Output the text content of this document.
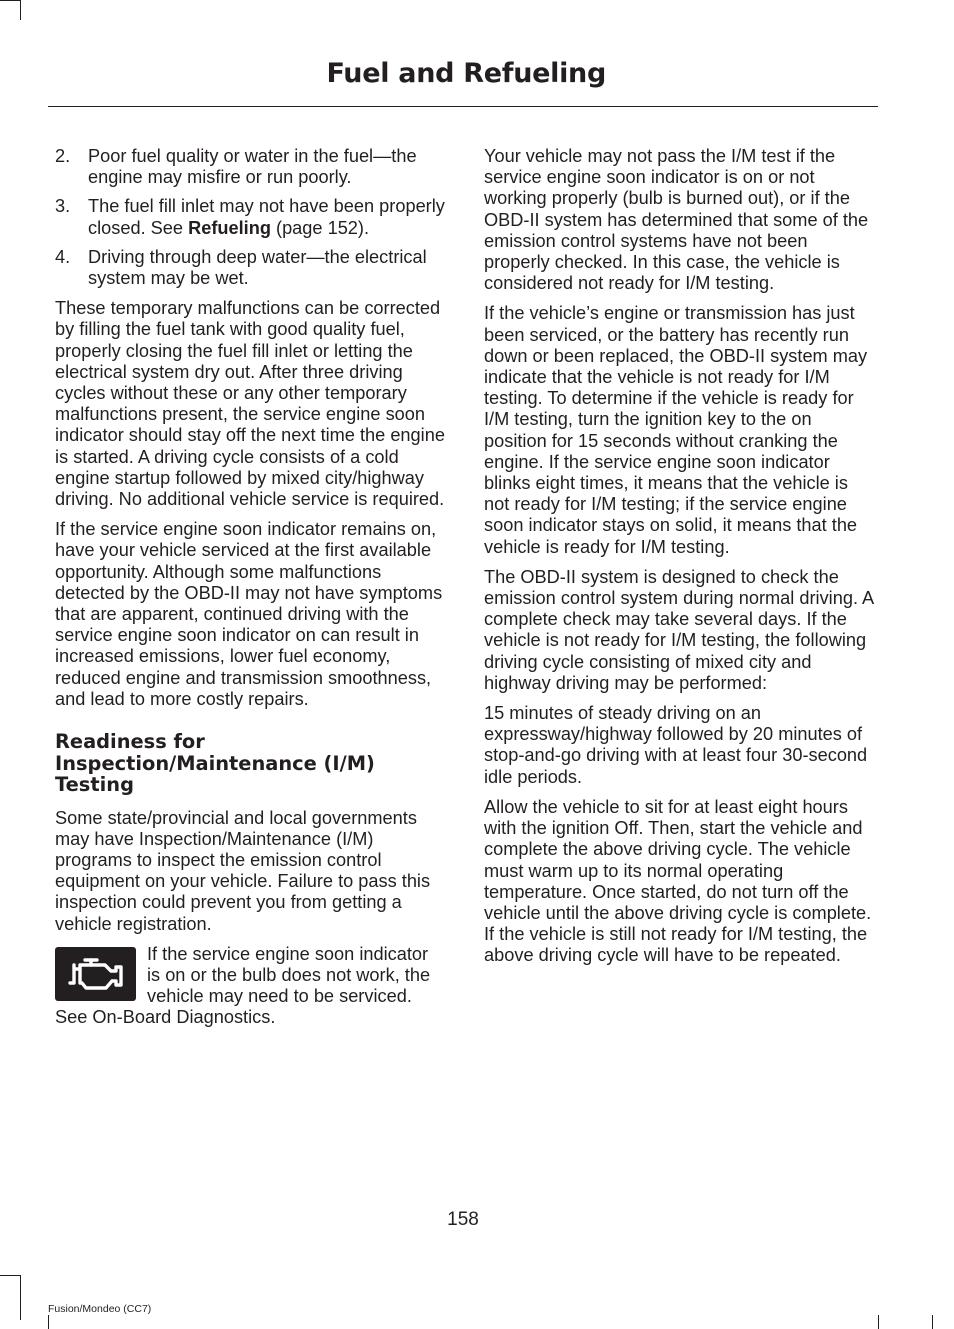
Fuel and Refueling
2. Poor fuel quality or water in the fuel—the engine may misfire or run poorly.
3. The fuel fill inlet may not have been properly closed. See Refueling (page 152).
4. Driving through deep water—the electrical system may be wet.

These temporary malfunctions can be corrected by filling the fuel tank with good quality fuel, properly closing the fuel fill inlet or letting the electrical system dry out. After three driving cycles without these or any other temporary malfunctions present, the service engine soon indicator should stay off the next time the engine is started. A driving cycle consists of a cold engine startup followed by mixed city/highway driving. No additional vehicle service is required.

If the service engine soon indicator remains on, have your vehicle serviced at the first available opportunity. Although some malfunctions detected by the OBD-II may not have symptoms that are apparent, continued driving with the service engine soon indicator on can result in increased emissions, lower fuel economy, reduced engine and transmission smoothness, and lead to more costly repairs.

Readiness for Inspection/Maintenance (I/M) Testing

Some state/provincial and local governments may have Inspection/Maintenance (I/M) programs to inspect the emission control equipment on your vehicle. Failure to pass this inspection could prevent you from getting a vehicle registration.

If the service engine soon indicator is on or the bulb does not work, the vehicle may need to be serviced. See On-Board Diagnostics.

Your vehicle may not pass the I/M test if the service engine soon indicator is on or not working properly (bulb is burned out), or if the OBD-II system has determined that some of the emission control systems have not been properly checked. In this case, the vehicle is considered not ready for I/M testing.

If the vehicle’s engine or transmission has just been serviced, or the battery has recently run down or been replaced, the OBD-II system may indicate that the vehicle is not ready for I/M testing. To determine if the vehicle is ready for I/M testing, turn the ignition key to the on position for 15 seconds without cranking the engine. If the service engine soon indicator blinks eight times, it means that the vehicle is not ready for I/M testing; if the service engine soon indicator stays on solid, it means that the vehicle is ready for I/M testing.

The OBD-II system is designed to check the emission control system during normal driving. A complete check may take several days. If the vehicle is not ready for I/M testing, the following driving cycle consisting of mixed city and highway driving may be performed:

15 minutes of steady driving on an expressway/highway followed by 20 minutes of stop-and-go driving with at least four 30-second idle periods.

Allow the vehicle to sit for at least eight hours with the ignition Off. Then, start the vehicle and complete the above driving cycle. The vehicle must warm up to its normal operating temperature. Once started, do not turn off the vehicle until the above driving cycle is complete. If the vehicle is still not ready for I/M testing, the above driving cycle will have to be repeated.

158
Fusion/Mondeo (CC7)
